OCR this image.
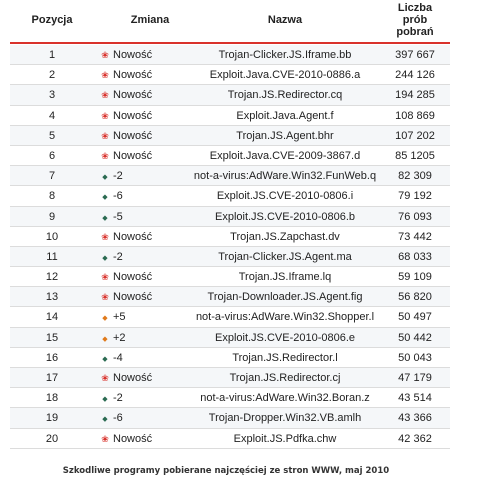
Pozycja	Zmiana	Nazwa
Liczba
prób
pobrań
1	❀ Nowość	Trojan-Clicker.JS.Iframe.bb	397 667
2	❀ Nowość	Exploit.Java.CVE-2010-0886.a	244 126
3	❀ Nowość	Trojan.JS.Redirector.cq	194 285
4	❀ Nowość	Exploit.Java.Agent.f	108 869
5	❀ Nowość	Trojan.JS.Agent.bhr	107 202
6	❀ Nowość	Exploit.Java.CVE-2009-3867.d	85 1205
7	◆ -2	not-a-virus:AdWare.Win32.FunWeb.q	82 309
8	◆ -6	Exploit.JS.CVE-2010-0806.i	79 192
9	◆ -5	Exploit.JS.CVE-2010-0806.b	76 093
10	❀ Nowość	Trojan.JS.Zapchast.dv	73 442
11	◆ -2	Trojan-Clicker.JS.Agent.ma	68 033
12	❀ Nowość	Trojan.JS.Iframe.lq	59 109
13	❀ Nowość	Trojan-Downloader.JS.Agent.fig	56 820
14	◆ +5	not-a-virus:AdWare.Win32.Shopper.l	50 497
15	◆ +2	Exploit.JS.CVE-2010-0806.e	50 442
16	◆ -4	Trojan.JS.Redirector.l	50 043
17	❀ Nowość	Trojan.JS.Redirector.cj	47 179
18	◆ -2	not-a-virus:AdWare.Win32.Boran.z	43 514
19	◆ -6	Trojan-Dropper.Win32.VB.amlh	43 366
20	❀ Nowość	Exploit.JS.Pdfka.chw	42 362
Szkodliwe programy pobierane najczęściej ze stron WWW, maj 2010
